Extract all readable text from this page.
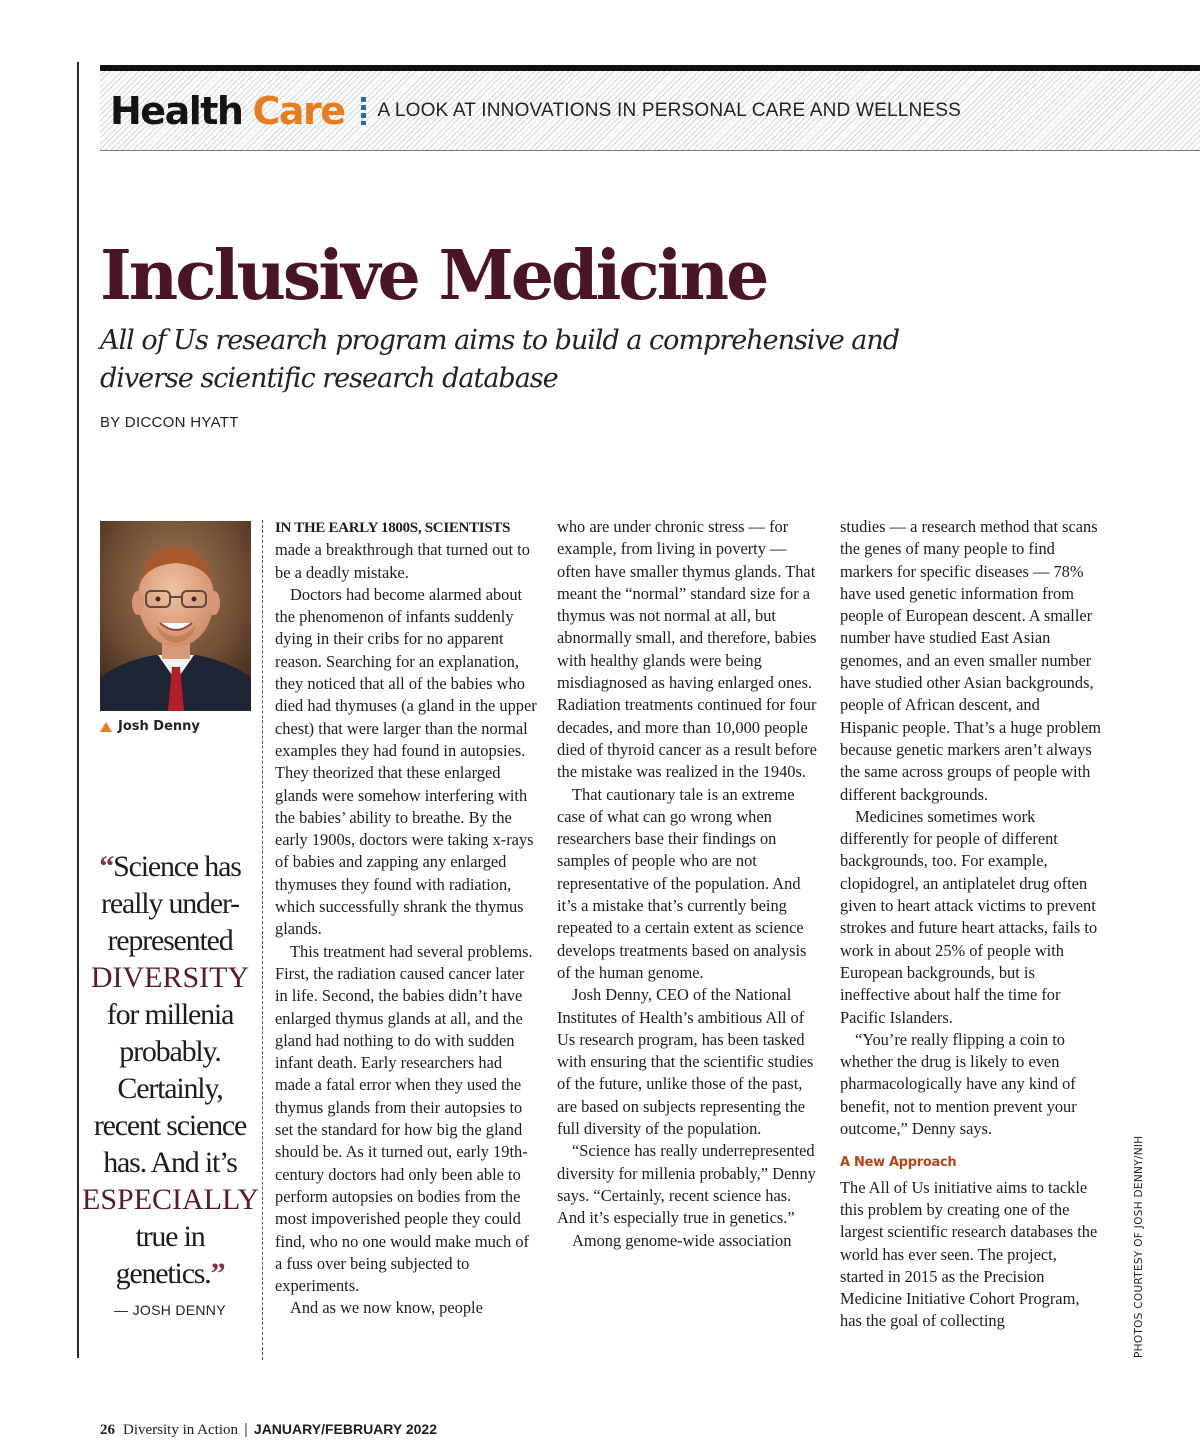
Health Care A LOOK AT INNOVATIONS IN PERSONAL CARE AND WELLNESS
Inclusive Medicine

All of Us research program aims to build a comprehensive and diverse scientific research database

BY DICCON HYATT
Josh Denny
“Science has really under-represented DIVERSITY for millenia probably. Certainly, recent science has. And it’s ESPECIALLY true in genetics.”
— JOSH DENNY

IN THE EARLY 1800S, SCIENTISTS made a breakthrough that turned out to be a deadly mistake.

Doctors had become alarmed about the phenomenon of infants suddenly dying in their cribs for no apparent reason. Searching for an explanation, they noticed that all of the babies who died had thymuses (a gland in the upper chest) that were larger than the normal examples they had found in autopsies. They theorized that these enlarged glands were somehow interfering with the babies’ ability to breathe. By the early 1900s, doctors were taking x-rays of babies and zapping any enlarged thymuses they found with radiation, which successfully shrank the thymus glands.

This treatment had several problems. First, the radiation caused cancer later in life. Second, the babies didn’t have enlarged thymus glands at all, and the gland had nothing to do with sudden infant death. Early researchers had made a fatal error when they used the thymus glands from their autopsies to set the standard for how big the gland should be. As it turned out, early 19th-century doctors had only been able to perform autopsies on bodies from the most impoverished people they could find, who no one would make much of a fuss over being subjected to experiments.

And as we now know, people

who are under chronic stress — for example, from living in poverty — often have smaller thymus glands. That meant the “normal” standard size for a thymus was not normal at all, but abnormally small, and therefore, babies with healthy glands were being misdiagnosed as having enlarged ones. Radiation treatments continued for four decades, and more than 10,000 people died of thyroid cancer as a result before the mistake was realized in the 1940s.

That cautionary tale is an extreme case of what can go wrong when researchers base their findings on samples of people who are not representative of the population. And it’s a mistake that’s currently being repeated to a certain extent as science develops treatments based on analysis of the human genome.

Josh Denny, CEO of the National Institutes of Health’s ambitious All of Us research program, has been tasked with ensuring that the scientific studies of the future, unlike those of the past, are based on subjects representing the full diversity of the population.

“Science has really underrepresented diversity for millenia probably,” Denny says. “Certainly, recent science has. And it’s especially true in genetics.”

Among genome-wide association

studies — a research method that scans the genes of many people to find markers for specific diseases — 78% have used genetic information from people of European descent. A smaller number have studied East Asian genomes, and an even smaller number have studied other Asian backgrounds, people of African descent, and Hispanic people. That’s a huge problem because genetic markers aren’t always the same across groups of people with different backgrounds.

Medicines sometimes work differently for people of different backgrounds, too. For example, clopidogrel, an antiplatelet drug often given to heart attack victims to prevent strokes and future heart attacks, fails to work in about 25% of people with European backgrounds, but is ineffective about half the time for Pacific Islanders.

“You’re really flipping a coin to whether the drug is likely to even pharmacologically have any kind of benefit, not to mention prevent your outcome,” Denny says.

A New Approach

The All of Us initiative aims to tackle this problem by creating one of the largest scientific research databases the world has ever seen. The project, started in 2015 as the Precision Medicine Initiative Cohort Program, has the goal of collecting	PHOTOS COURTESY OF JOSH DENNY/NIH
26 Diversity in Action | JANUARY/FEBRUARY 2022
